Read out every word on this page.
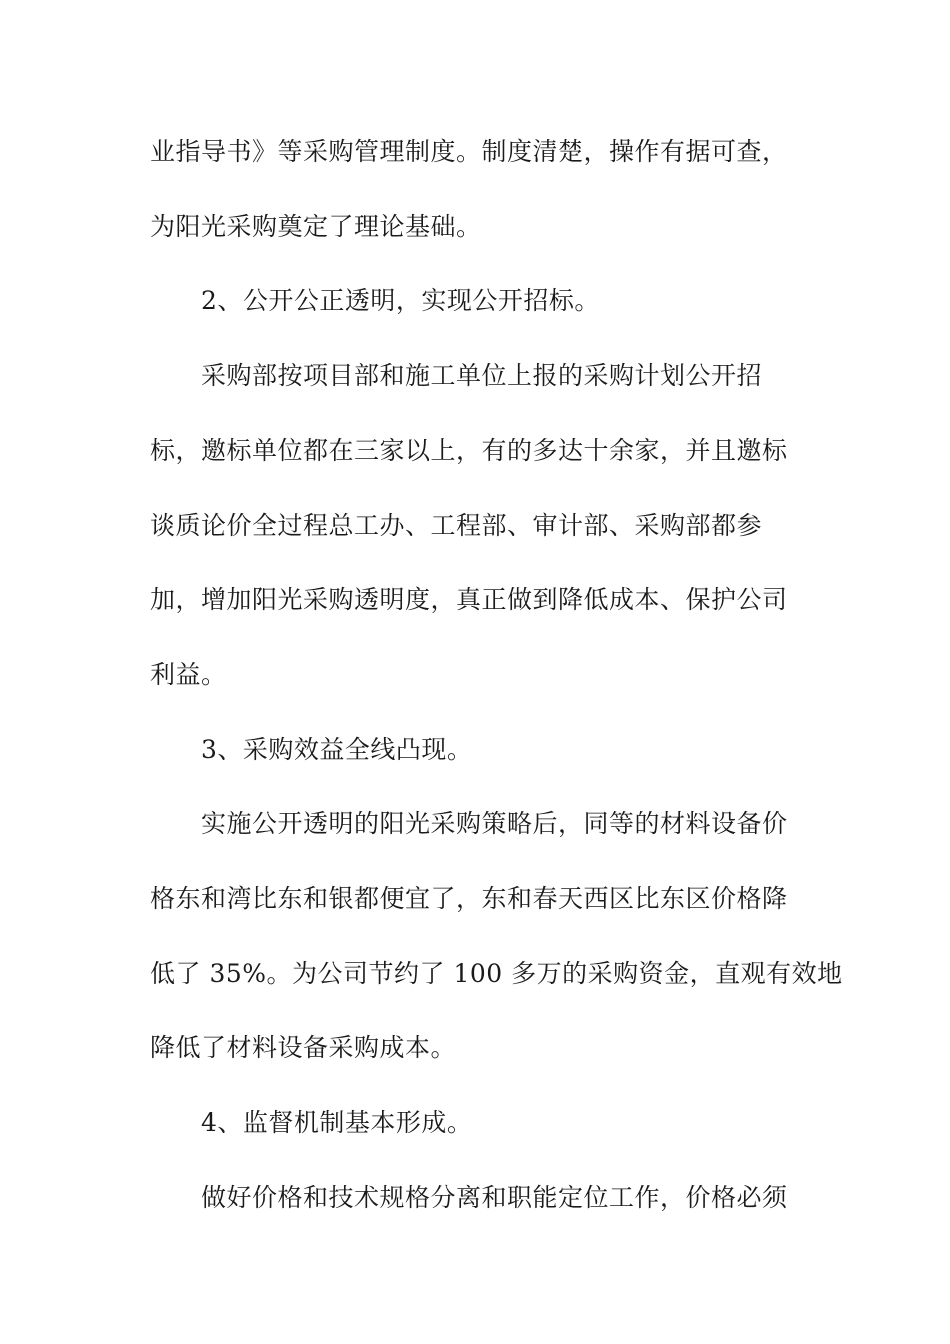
业指导书》等采购管理制度。制度清楚，操作有据可查，
为阳光采购奠定了理论基础。
2、公开公正透明，实现公开招标。
采购部按项目部和施工单位上报的采购计划公开招
标，邀标单位都在三家以上，有的多达十余家，并且邀标
谈质论价全过程总工办、工程部、审计部、采购部都参
加，增加阳光采购透明度，真正做到降低成本、保护公司
利益。
3、采购效益全线凸现。
实施公开透明的阳光采购策略后，同等的材料设备价
格东和湾比东和银都便宜了，东和春天西区比东区价格降
低了 35%。为公司节约了 100 多万的采购资金，直观有效地
降低了材料设备采购成本。
4、监督机制基本形成。
做好价格和技术规格分离和职能定位工作，价格必须
